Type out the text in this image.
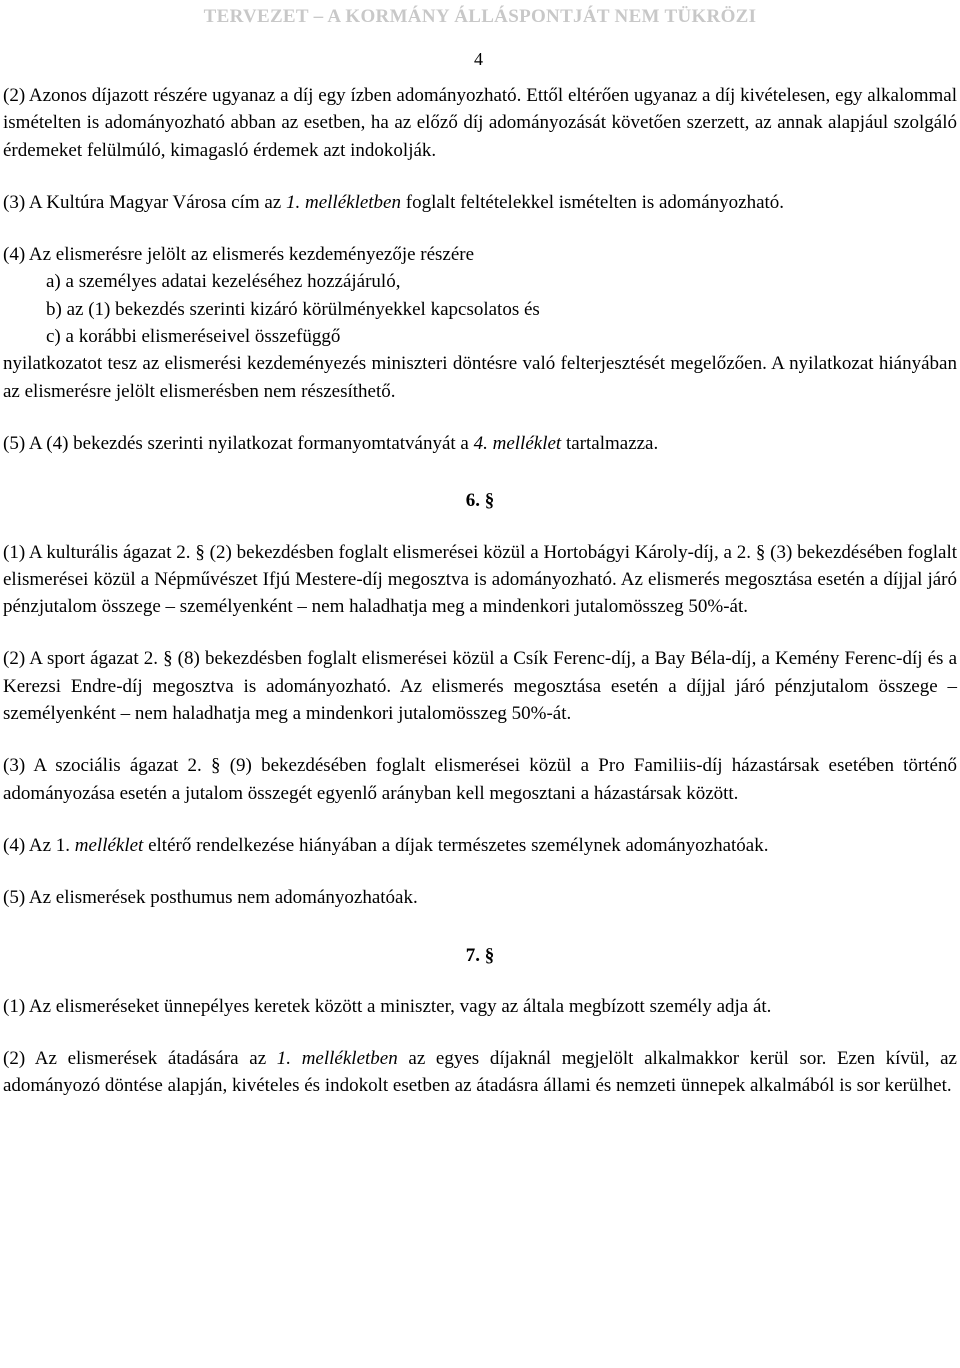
TERVEZET – A KORMÁNY ÁLLÁSPONTJÁT NEM TÜKRÖZI
4

(2) Azonos díjazott részére ugyanaz a díj egy ízben adományozható. Ettől eltérően ugyanaz a díj kivételesen, egy alkalommal ismételten is adományozható abban az esetben, ha az előző díj adományozását követően szerzett, az annak alapjául szolgáló érdemeket felülmúló, kimagasló érdemek azt indokolják.

(3) A Kultúra Magyar Városa cím az 1. mellékletben foglalt feltételekkel ismételten is adományozható.

(4) Az elismerésre jelölt az elismerés kezdeményezője részére
a) a személyes adatai kezeléséhez hozzájáruló,
b) az (1) bekezdés szerinti kizáró körülményekkel kapcsolatos és
c) a korábbi elismeréseivel összefüggő
nyilatkozatot tesz az elismerési kezdeményezés miniszteri döntésre való felterjesztését megelőzően. A nyilatkozat hiányában az elismerésre jelölt elismerésben nem részesíthető.

(5) A (4) bekezdés szerinti nyilatkozat formanyomtatványát a 4. melléklet tartalmazza.

6. §

(1) A kulturális ágazat 2. § (2) bekezdésben foglalt elismerései közül a Hortobágyi Károly-díj, a 2. § (3) bekezdésében foglalt elismerései közül a Népművészet Ifjú Mestere-díj megosztva is adományozható. Az elismerés megosztása esetén a díjjal járó pénzjutalom összege – személyenként – nem haladhatja meg a mindenkori jutalomösszeg 50%-át.

(2) A sport ágazat 2. § (8) bekezdésben foglalt elismerései közül a Csík Ferenc-díj, a Bay Béla-díj, a Kemény Ferenc-díj és a Kerezsi Endre-díj megosztva is adományozható. Az elismerés megosztása esetén a díjjal járó pénzjutalom összege – személyenként – nem haladhatja meg a mindenkori jutalomösszeg 50%-át.

(3) A szociális ágazat 2. § (9) bekezdésében foglalt elismerései közül a Pro Familiis-díj házastársak esetében történő adományozása esetén a jutalom összegét egyenlő arányban kell megosztani a házastársak között.

(4) Az 1. melléklet eltérő rendelkezése hiányában a díjak természetes személynek adományozhatóak.

(5) Az elismerések posthumus nem adományozhatóak.

7. §

(1) Az elismeréseket ünnepélyes keretek között a miniszter, vagy az általa megbízott személy adja át.

(2) Az elismerések átadására az 1. mellékletben az egyes díjaknál megjelölt alkalmakkor kerül sor. Ezen kívül, az adományozó döntése alapján, kivételes és indokolt esetben az átadásra állami és nemzeti ünnepek alkalmából is sor kerülhet.
